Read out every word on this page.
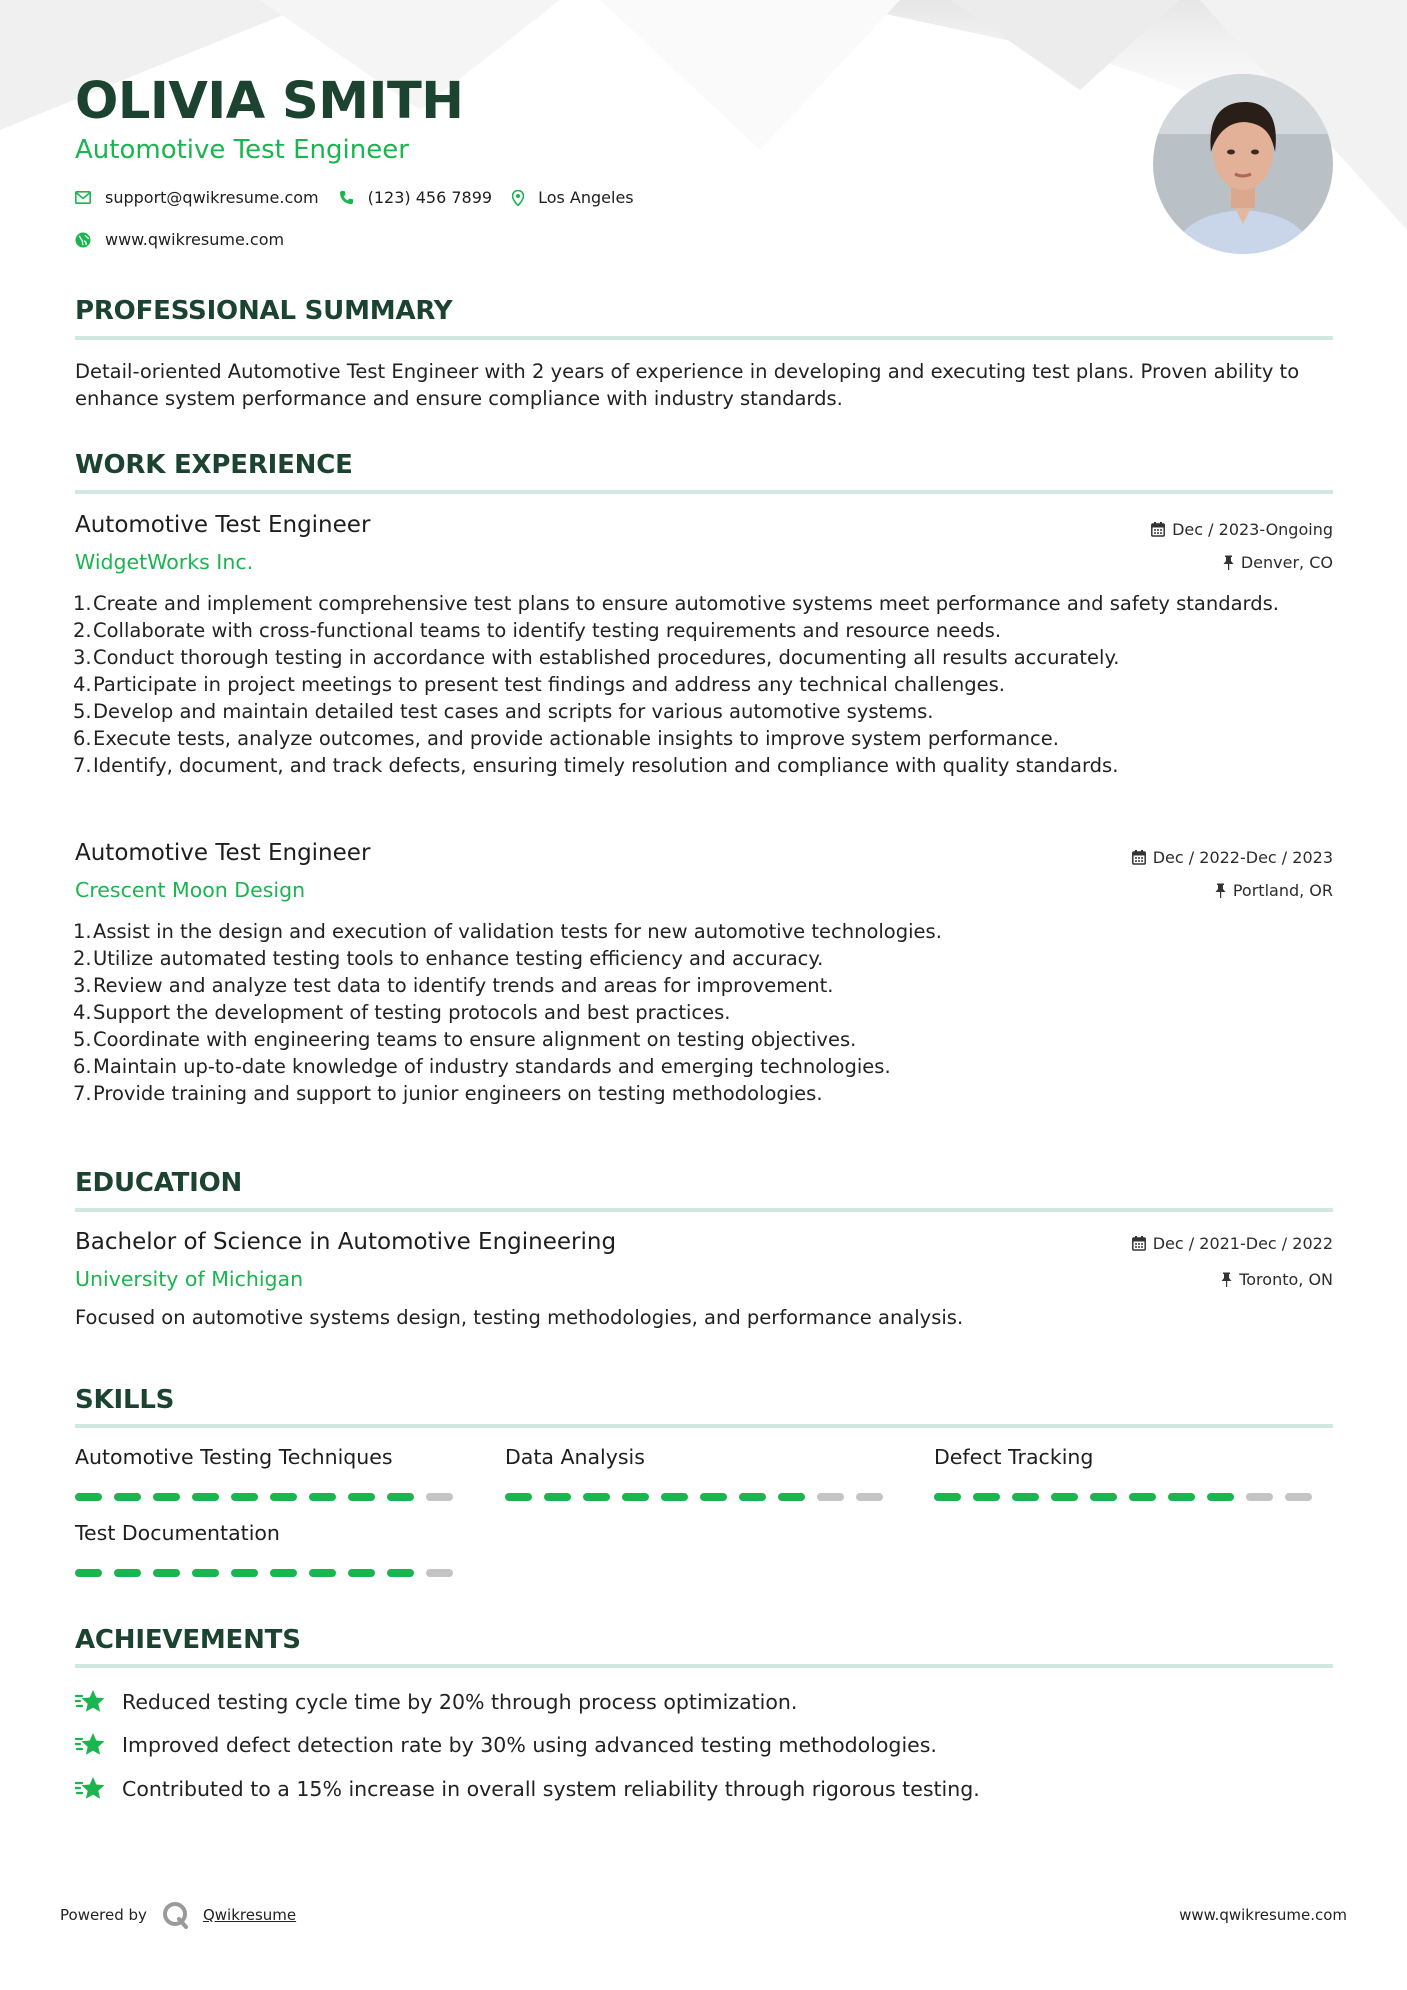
OLIVIA SMITH
Automotive Test Engineer
support@qwikresume.com	(123) 456 7899	Los Angeles
www.qwikresume.com
PROFESSIONAL SUMMARY
Detail-oriented Automotive Test Engineer with 2 years of experience in developing and executing test plans. Proven ability to enhance system performance and ensure compliance with industry standards.
WORK EXPERIENCE
Automotive Test Engineer	Dec / 2023-Ongoing
WidgetWorks Inc.	Denver, CO
1. Create and implement comprehensive test plans to ensure automotive systems meet performance and safety standards.
2. Collaborate with cross-functional teams to identify testing requirements and resource needs.
3. Conduct thorough testing in accordance with established procedures, documenting all results accurately.
4. Participate in project meetings to present test findings and address any technical challenges.
5. Develop and maintain detailed test cases and scripts for various automotive systems.
6. Execute tests, analyze outcomes, and provide actionable insights to improve system performance.
7. Identify, document, and track defects, ensuring timely resolution and compliance with quality standards.
Automotive Test Engineer	Dec / 2022-Dec / 2023
Crescent Moon Design	Portland, OR
1. Assist in the design and execution of validation tests for new automotive technologies.
2. Utilize automated testing tools to enhance testing efficiency and accuracy.
3. Review and analyze test data to identify trends and areas for improvement.
4. Support the development of testing protocols and best practices.
5. Coordinate with engineering teams to ensure alignment on testing objectives.
6. Maintain up-to-date knowledge of industry standards and emerging technologies.
7. Provide training and support to junior engineers on testing methodologies.
EDUCATION
Bachelor of Science in Automotive Engineering	Dec / 2021-Dec / 2022
University of Michigan	Toronto, ON
Focused on automotive systems design, testing methodologies, and performance analysis.
SKILLS
Automotive Testing Techniques	Data Analysis	Defect Tracking
Test Documentation
ACHIEVEMENTS
Reduced testing cycle time by 20% through process optimization.
Improved defect detection rate by 30% using advanced testing methodologies.
Contributed to a 15% increase in overall system reliability through rigorous testing.
Powered by	Qwikresume	www.qwikresume.com
